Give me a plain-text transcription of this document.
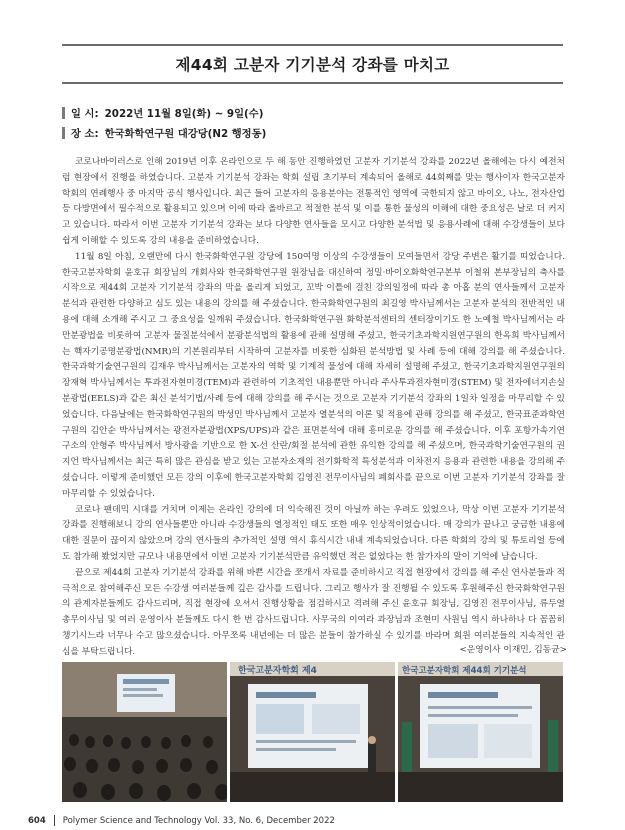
제44회 고분자 기기분석 강좌를 마치고
일 시: 2022년 11월 8일(화) ~ 9일(수)
장 소: 한국화학연구원 대강당(N2 행정동)

코로나바이러스로 인해 2019년 이후 온라인으로 두 해 동안 진행하였던 고분자 기기분석 강좌를 2022년 올해에는 다시 예전처럼 현장에서 진행을 하였습니다. 고분자 기기분석 강좌는 학회 설립 초기부터 계속되어 올해로 44회째를 맞는 행사이자 한국고분자학회의 연례행사 중 마지막 공식 행사입니다. 최근 들어 고분자의 응용분야는 전통적인 영역에 국한되지 않고 바이오, 나노, 전자산업 등 다방면에서 필수적으로 활용되고 있으며 이에 따라 올바르고 적절한 분석 및 이를 통한 물성의 이해에 대한 중요성은 날로 더 커지고 있습니다. 따라서 이번 고분자 기기분석 강좌는 보다 다양한 연사들을 모시고 다양한 분석법 및 응용사례에 대해 수강생들이 보다 쉽게 이해할 수 있도록 강의 내용을 준비하였습니다.

11월 8일 아침, 오랜만에 다시 한국화학연구원 강당에 150여명 이상의 수강생들이 모여들면서 강당 주변은 활기를 띠었습니다. 한국고분자학회 윤호규 회장님의 개회사와 한국화학연구원 원장님을 대신하여 정밀·바이오화학연구본부 이철위 본부장님의 축사를 시작으로 제44회 고분자 기기분석 강좌의 막을 올리게 되었고, 꼬박 이틀에 걸친 강의일정에 따라 총 아홉 분의 연사들께서 고분자 분석과 관련한 다양하고 심도 있는 내용의 강의를 해 주셨습니다. 한국화학연구원의 최길영 박사님께서는 고분자 분석의 전반적인 내용에 대해 소개해 주시고 그 중요성을 일깨워 주셨습니다. 한국화학연구원 화학분석센터의 센터장이기도 한 노예철 박사님께서는 라만분광법을 비롯하여 고분자 물질분석에서 분광분석법의 활용에 관해 설명해 주셨고, 한국기초과학지원연구원의 한옥희 박사님께서는 핵자기공명분광법(NMR)의 기본원리부터 시작하여 고분자를 비롯한 심화된 분석방법 및 사례 등에 대해 강의를 해 주셨습니다. 한국과학기술연구원의 김재우 박사님께서는 고분자의 역학 및 기계적 물성에 대해 자세히 설명해 주셨고, 한국기초과학지원연구원의 장재혁 박사님께서는 투과전자현미경(TEM)과 관련하여 기초적인 내용뿐만 아니라 주사투과전자현미경(STEM) 및 전자에너지손실분광법(EELS)과 같은 최신 분석기법/사례 등에 대해 강의를 해 주시는 것으로 고분자 기기분석 강좌의 1일차 일정을 마무리할 수 있었습니다. 다음날에는 한국화학연구원의 박성민 박사님께서 고분자 열분석의 이론 및 적용에 관해 강의를 해 주셨고, 한국표준과학연구원의 김안순 박사님께서는 광전자분광법(XPS/UPS)과 같은 표면분석에 대해 흥미로운 강의를 해 주셨습니다. 이후 포항가속기연구소의 안형주 박사님께서 방사광을 기반으로 한 X-선 산란/회절 분석에 관한 유익한 강의를 해 주셨으며, 한국과학기술연구원의 권지언 박사님께서는 최근 특히 많은 관심을 받고 있는 고분자소재의 전기화학적 특성분석과 이차전지 응용과 관련한 내용을 강의해 주셨습니다. 이렇게 준비했던 모든 강의 이후에 한국고분자학회 김영진 전무이사님의 폐회사를 끝으로 이번 고분자 기기분석 강좌를 잘 마무리할 수 있었습니다.

코로나 팬데믹 시대를 거치며 이제는 온라인 강의에 더 익숙해진 것이 아닐까 하는 우려도 있었으나, 막상 이번 고분자 기기분석 강좌를 진행해보니 강의 연사들뿐만 아니라 수강생들의 열정적인 태도 또한 매우 인상적이었습니다. 매 강의가 끝나고 궁금한 내용에 대한 질문이 끊이지 않았으며 강의 연사들의 추가적인 설명 역시 휴식시간 내내 계속되었습니다. 다른 학회의 강의 및 튜토리얼 등에도 참가해 봤었지만 규모나 내용면에서 이번 고분자 기기분석만큼 유익했던 적은 없었다는 한 참가자의 말이 기억에 남습니다.

끝으로 제44회 고분자 기기분석 강좌를 위해 바쁜 시간을 쪼개서 자료를 준비하시고 직접 현장에서 강의를 해 주신 연사분들과 적극적으로 참여해주신 모든 수강생 여러분들께 깊은 감사를 드립니다. 그리고 행사가 잘 진행될 수 있도록 후원해주신 한국화학연구원의 관계자분들께도 감사드리며, 직접 현장에 오셔서 진행상황을 점검하시고 격려해 주신 윤호규 회장님, 김영진 전무이사님, 류두열 총무이사님 및 여러 운영이사 분들께도 다시 한 번 감사드립니다. 사무국의 이여라 과장님과 조현미 사원님 역시 하나하나 다 꼼꼼히 챙기시느라 너무나 수고 많으셨습니다. 아무쪼록 내년에는 더 많은 분들이 참가하실 수 있기를 바라며 회원 여러분들의 지속적인 관심을 부탁드립니다.	<운영이사 이재민, 김동균>
한국고분자학회 제4	한국고분자학회 제44회 기기분석
604 Polymer Science and Technology Vol. 33, No. 6, December 2022
